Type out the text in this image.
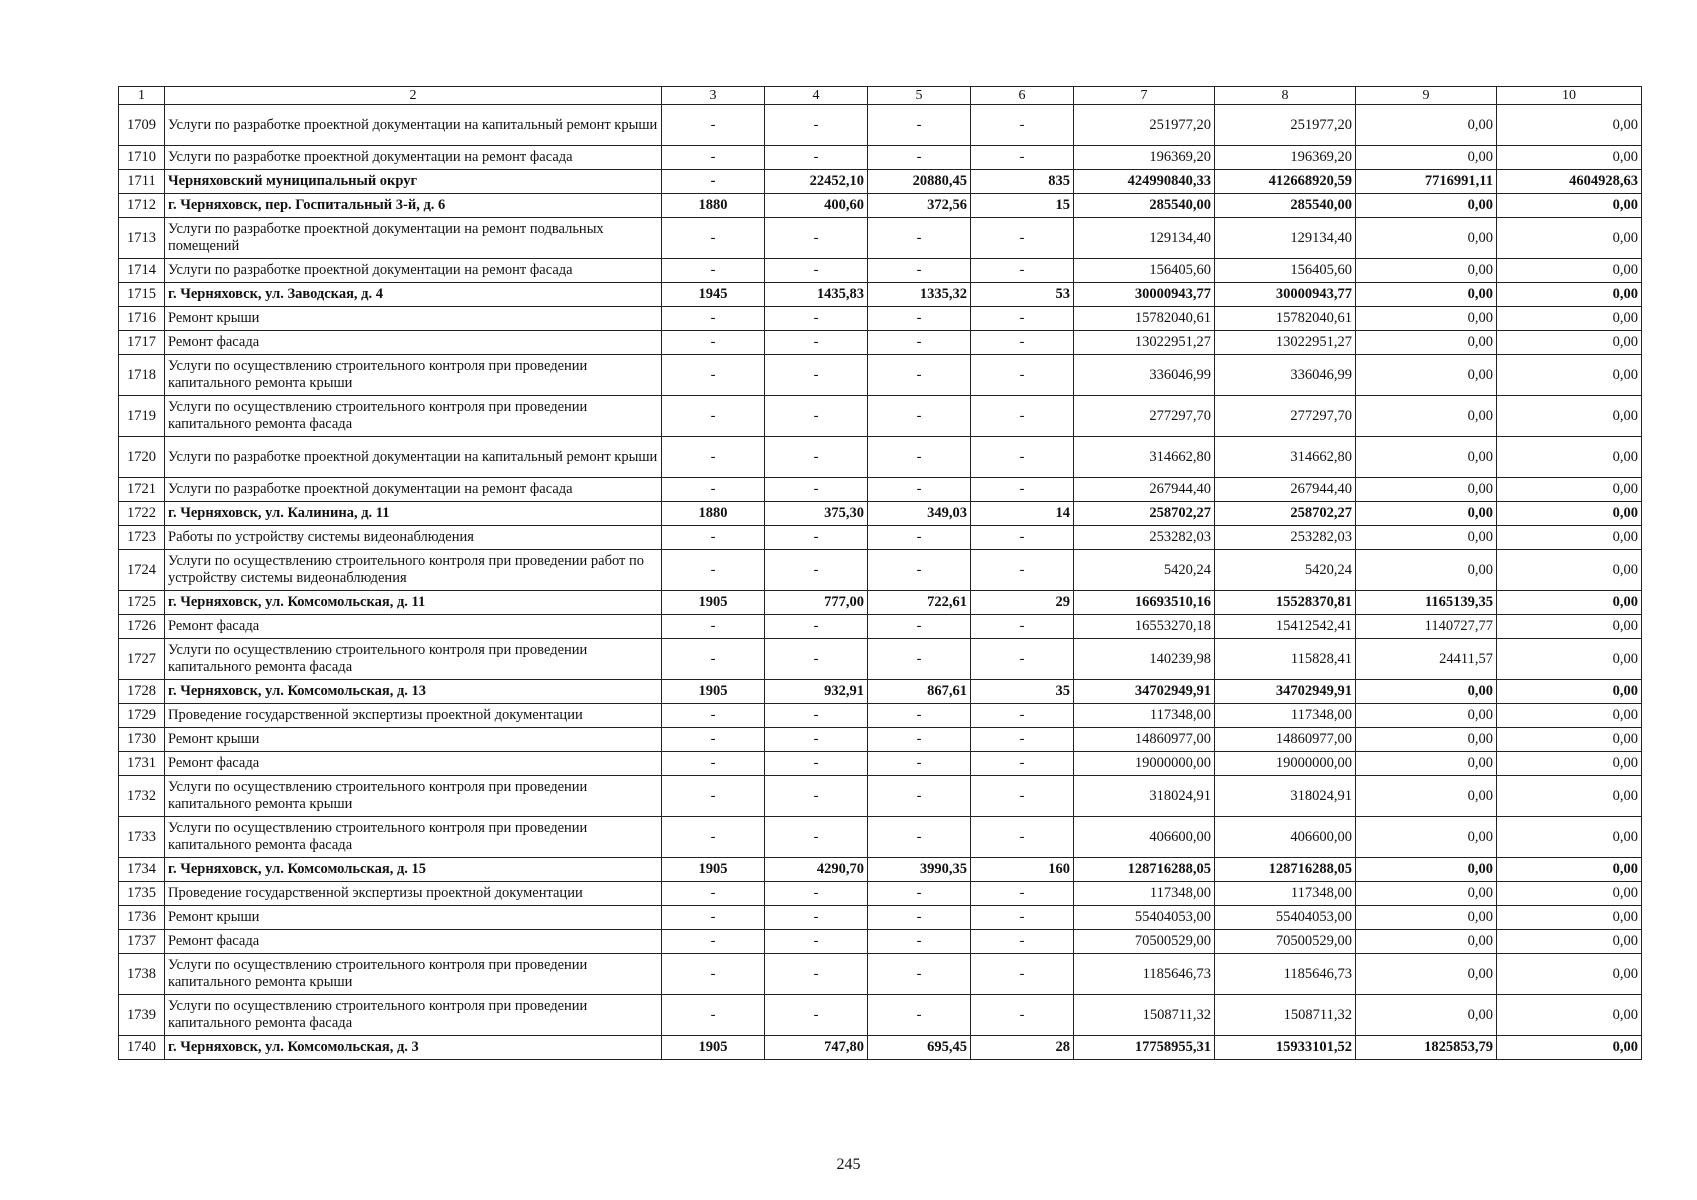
1	2	3	4	5	6	7	8	9	10
1709	Услуги по разработке проектной документации на капитальный ремонт крыши	-	-	-	-	251977,20	251977,20	0,00	0,00
1710	Услуги по разработке проектной документации на ремонт фасада	-	-	-	-	196369,20	196369,20	0,00	0,00
1711	Черняховский муниципальный округ	-	22452,10	20880,45	835	424990840,33	412668920,59	7716991,11	4604928,63
1712	г. Черняховск, пер. Госпитальный 3-й, д. 6	1880	400,60	372,56	15	285540,00	285540,00	0,00	0,00
1713	Услуги по разработке проектной документации на ремонт подвальных помещений	-	-	-	-	129134,40	129134,40	0,00	0,00
1714	Услуги по разработке проектной документации на ремонт фасада	-	-	-	-	156405,60	156405,60	0,00	0,00
1715	г. Черняховск, ул. Заводская, д. 4	1945	1435,83	1335,32	53	30000943,77	30000943,77	0,00	0,00
1716	Ремонт крыши	-	-	-	-	15782040,61	15782040,61	0,00	0,00
1717	Ремонт фасада	-	-	-	-	13022951,27	13022951,27	0,00	0,00
1718	Услуги по осуществлению строительного контроля при проведении капитального ремонта крыши	-	-	-	-	336046,99	336046,99	0,00	0,00
1719	Услуги по осуществлению строительного контроля при проведении капитального ремонта фасада	-	-	-	-	277297,70	277297,70	0,00	0,00
1720	Услуги по разработке проектной документации на капитальный ремонт крыши	-	-	-	-	314662,80	314662,80	0,00	0,00
1721	Услуги по разработке проектной документации на ремонт фасада	-	-	-	-	267944,40	267944,40	0,00	0,00
1722	г. Черняховск, ул. Калинина, д. 11	1880	375,30	349,03	14	258702,27	258702,27	0,00	0,00
1723	Работы по устройству системы видеонаблюдения	-	-	-	-	253282,03	253282,03	0,00	0,00
1724	Услуги по осуществлению строительного контроля при проведении работ по устройству системы видеонаблюдения	-	-	-	-	5420,24	5420,24	0,00	0,00
1725	г. Черняховск, ул. Комсомольская, д. 11	1905	777,00	722,61	29	16693510,16	15528370,81	1165139,35	0,00
1726	Ремонт фасада	-	-	-	-	16553270,18	15412542,41	1140727,77	0,00
1727	Услуги по осуществлению строительного контроля при проведении капитального ремонта фасада	-	-	-	-	140239,98	115828,41	24411,57	0,00
1728	г. Черняховск, ул. Комсомольская, д. 13	1905	932,91	867,61	35	34702949,91	34702949,91	0,00	0,00
1729	Проведение государственной экспертизы проектной документации	-	-	-	-	117348,00	117348,00	0,00	0,00
1730	Ремонт крыши	-	-	-	-	14860977,00	14860977,00	0,00	0,00
1731	Ремонт фасада	-	-	-	-	19000000,00	19000000,00	0,00	0,00
1732	Услуги по осуществлению строительного контроля при проведении капитального ремонта крыши	-	-	-	-	318024,91	318024,91	0,00	0,00
1733	Услуги по осуществлению строительного контроля при проведении капитального ремонта фасада	-	-	-	-	406600,00	406600,00	0,00	0,00
1734	г. Черняховск, ул. Комсомольская, д. 15	1905	4290,70	3990,35	160	128716288,05	128716288,05	0,00	0,00
1735	Проведение государственной экспертизы проектной документации	-	-	-	-	117348,00	117348,00	0,00	0,00
1736	Ремонт крыши	-	-	-	-	55404053,00	55404053,00	0,00	0,00
1737	Ремонт фасада	-	-	-	-	70500529,00	70500529,00	0,00	0,00
1738	Услуги по осуществлению строительного контроля при проведении капитального ремонта крыши	-	-	-	-	1185646,73	1185646,73	0,00	0,00
1739	Услуги по осуществлению строительного контроля при проведении капитального ремонта фасада	-	-	-	-	1508711,32	1508711,32	0,00	0,00
1740	г. Черняховск, ул. Комсомольская, д. 3	1905	747,80	695,45	28	17758955,31	15933101,52	1825853,79	0,00
245
